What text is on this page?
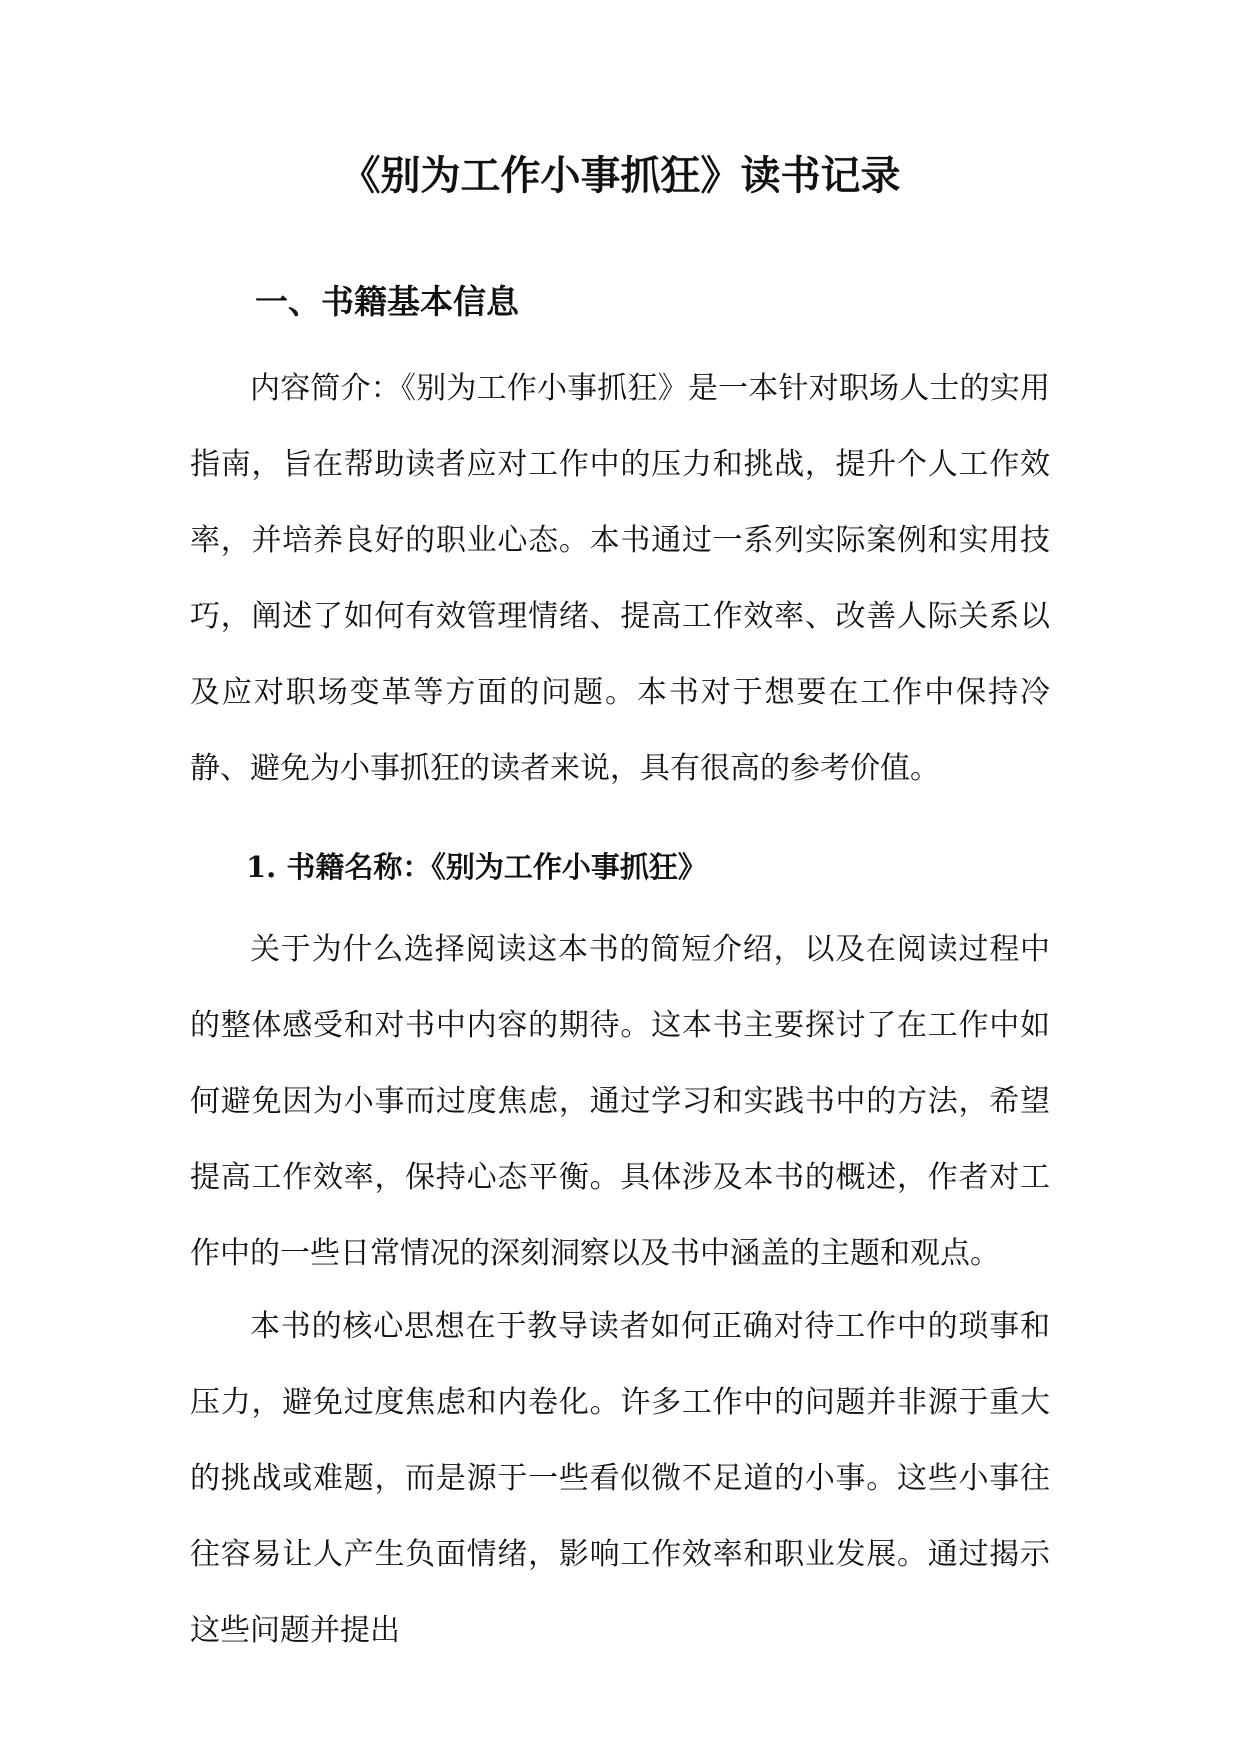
《别为工作小事抓狂》读书记录
一、书籍基本信息

内容简介：《别为工作小事抓狂》是一本针对职场人士的实用指南，旨在帮助读者应对工作中的压力和挑战，提升个人工作效率，并培养良好的职业心态。本书通过一系列实际案例和实用技巧，阐述了如何有效管理情绪、提高工作效率、改善人际关系以及应对职场变革等方面的问题。本书对于想要在工作中保持冷静、避免为小事抓狂的读者来说，具有很高的参考价值。

1. 书籍名称：《别为工作小事抓狂》

关于为什么选择阅读这本书的简短介绍，以及在阅读过程中的整体感受和对书中内容的期待。这本书主要探讨了在工作中如何避免因为小事而过度焦虑，通过学习和实践书中的方法，希望提高工作效率，保持心态平衡。具体涉及本书的概述，作者对工作中的一些日常情况的深刻洞察以及书中涵盖的主题和观点。

本书的核心思想在于教导读者如何正确对待工作中的琐事和压力，避免过度焦虑和内卷化。许多工作中的问题并非源于重大的挑战或难题，而是源于一些看似微不足道的小事。这些小事往往容易让人产生负面情绪，影响工作效率和职业发展。通过揭示这些问题并提出
